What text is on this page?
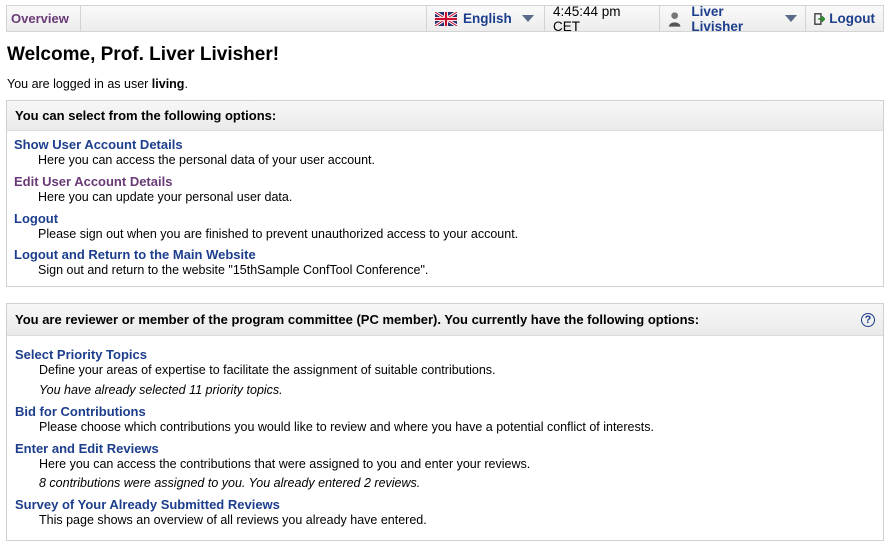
Overview	English	4:45:44 pm CET
Liver Livisher	Logout
Welcome, Prof. Liver Livisher!
You are logged in as user living.
You can select from the following options:
Show User Account Details
Here you can access the personal data of your user account.
Edit User Account Details
Here you can update your personal user data.
Logout
Please sign out when you are finished to prevent unauthorized access to your account.
Logout and Return to the Main Website
Sign out and return to the website "15thSample ConfTool Conference".
You are reviewer or member of the program committee (PC member). You currently have the following options:	?
Select Priority Topics
Define your areas of expertise to facilitate the assignment of suitable contributions.
You have already selected 11 priority topics.
Bid for Contributions
Please choose which contributions you would like to review and where you have a potential conflict of interests.
Enter and Edit Reviews
Here you can access the contributions that were assigned to you and enter your reviews.
8 contributions were assigned to you. You already entered 2 reviews.
Survey of Your Already Submitted Reviews
This page shows an overview of all reviews you already have entered.
